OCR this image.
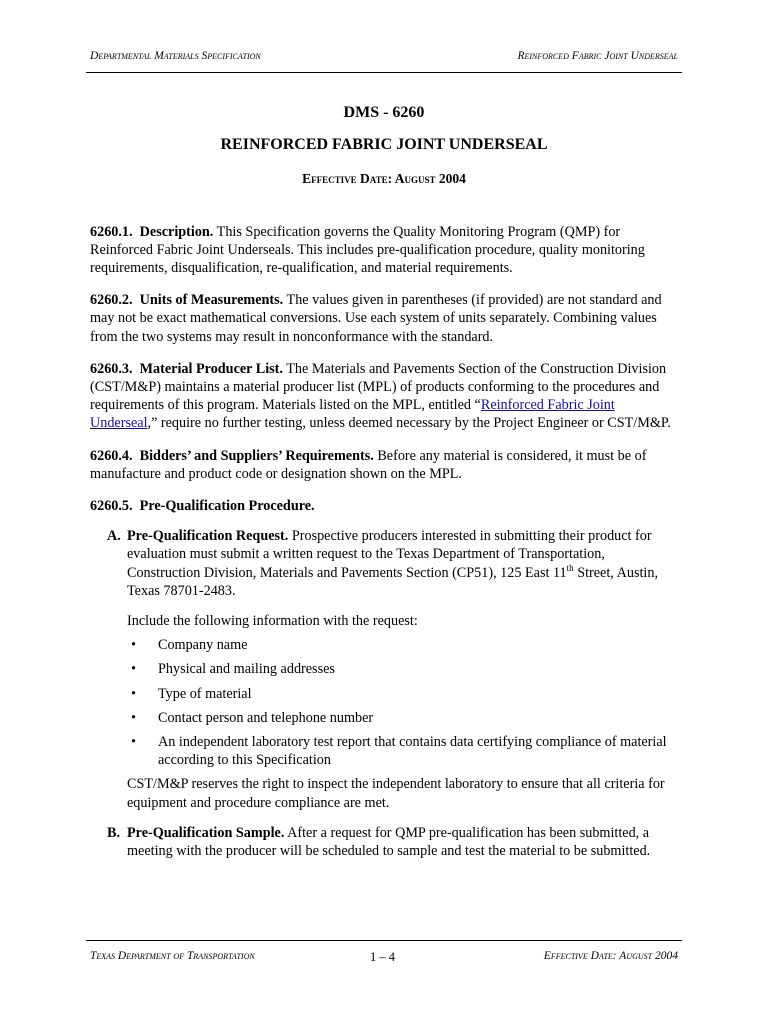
Departmental Materials Specification	Reinforced Fabric Joint Underseal

DMS - 6260

REINFORCED FABRIC JOINT UNDERSEAL

Effective Date: August 2004

6260.1. Description. This Specification governs the Quality Monitoring Program (QMP) for Reinforced Fabric Joint Underseals. This includes pre-qualification procedure, quality monitoring requirements, disqualification, re-qualification, and material requirements.

6260.2. Units of Measurements. The values given in parentheses (if provided) are not standard and may not be exact mathematical conversions. Use each system of units separately. Combining values from the two systems may result in nonconformance with the standard.

6260.3. Material Producer List. The Materials and Pavements Section of the Construction Division (CST/M&P) maintains a material producer list (MPL) of products conforming to the procedures and requirements of this program. Materials listed on the MPL, entitled “Reinforced Fabric Joint Underseal,” require no further testing, unless deemed necessary by the Project Engineer or CST/M&P.

6260.4. Bidders’ and Suppliers’ Requirements. Before any material is considered, it must be of manufacture and product code or designation shown on the MPL.

6260.5. Pre-Qualification Procedure.

A. Pre-Qualification Request. Prospective producers interested in submitting their product for evaluation must submit a written request to the Texas Department of Transportation, Construction Division, Materials and Pavements Section (CP51), 125 East 11th Street, Austin, Texas 78701-2483.

Include the following information with the request:

• Company name
• Physical and mailing addresses
• Type of material
• Contact person and telephone number
• An independent laboratory test report that contains data certifying compliance of material according to this Specification

CST/M&P reserves the right to inspect the independent laboratory to ensure that all criteria for equipment and procedure compliance are met.

B. Pre-Qualification Sample. After a request for QMP pre-qualification has been submitted, a meeting with the producer will be scheduled to sample and test the material to be submitted.

Texas Department of Transportation	1 – 4	Effective Date: August 2004
